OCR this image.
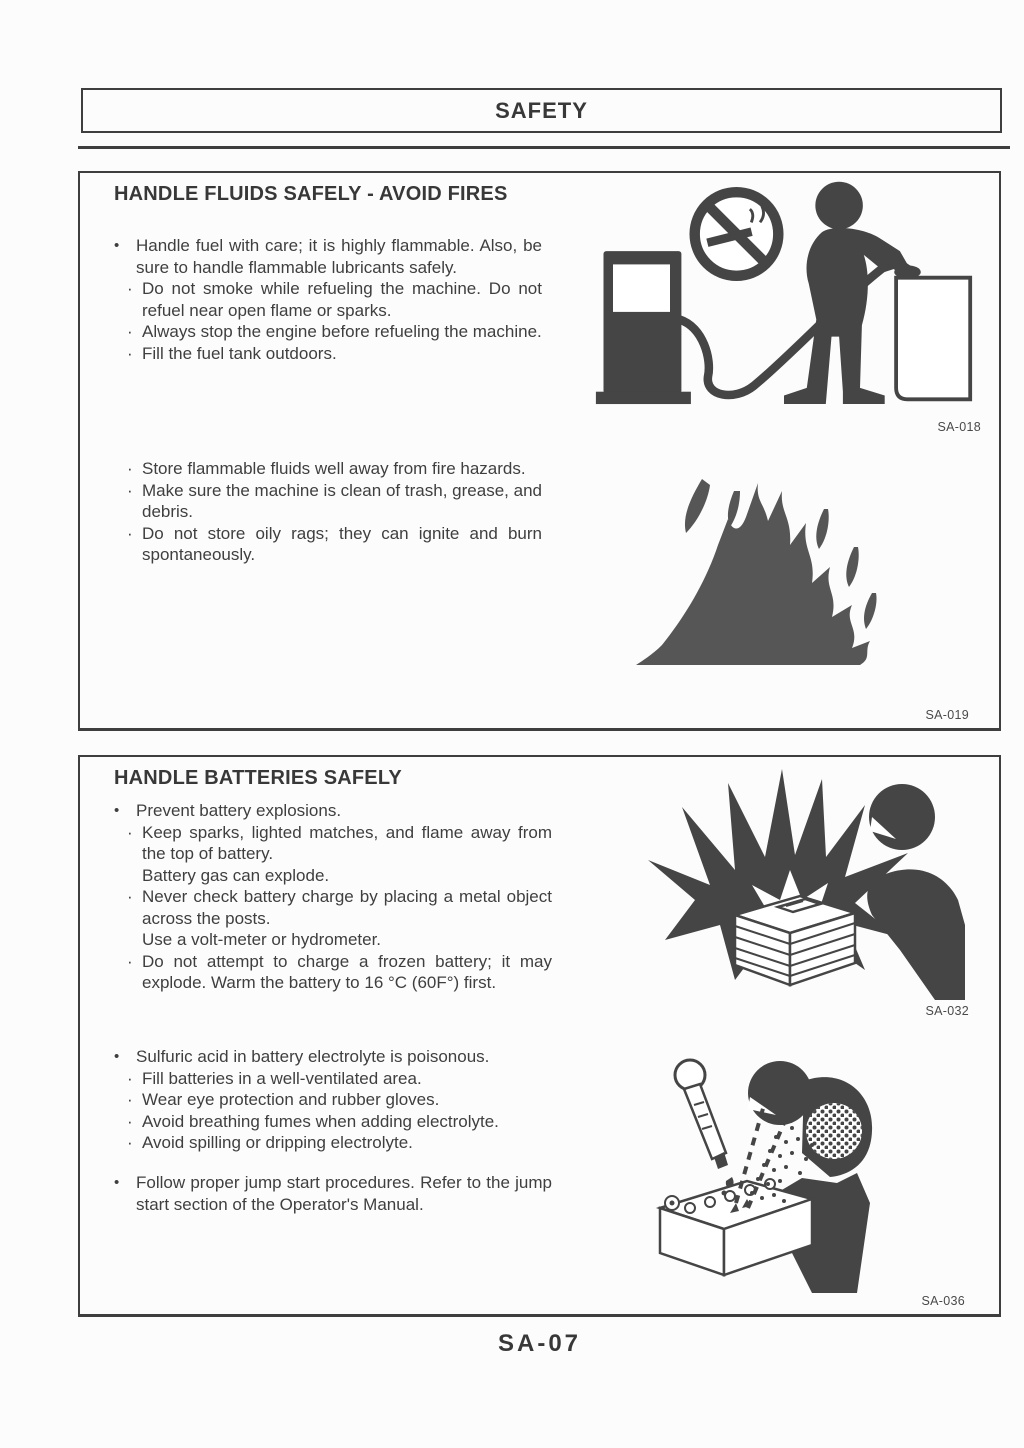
SAFETY
HANDLE FLUIDS SAFELY - AVOID FIRES
• Handle fuel with care; it is highly flammable. Also, be sure to handle flammable lubricants safely.
· Do not smoke while refueling the machine. Do not refuel near open flame or sparks.
· Always stop the engine before refueling the machine.
· Fill the fuel tank outdoors.
· Store flammable fluids well away from fire hazards.
· Make sure the machine is clean of trash, grease, and debris.
· Do not store oily rags; they can ignite and burn spontaneously.
SA-018
SA-019
HANDLE BATTERIES SAFELY
• Prevent battery explosions.
· Keep sparks, lighted matches, and flame away from the top of battery.
Battery gas can explode.
· Never check battery charge by placing a metal object across the posts.
Use a volt-meter or hydrometer.
· Do not attempt to charge a frozen battery; it may explode. Warm the battery to 16 °C (60F°) first.
• Sulfuric acid in battery electrolyte is poisonous.
· Fill batteries in a well-ventilated area.
· Wear eye protection and rubber gloves.
· Avoid breathing fumes when adding electrolyte.
· Avoid spilling or dripping electrolyte.
• Follow proper jump start procedures. Refer to the jump start section of the Operator's Manual.
SA-032
SA-036
SA-07
